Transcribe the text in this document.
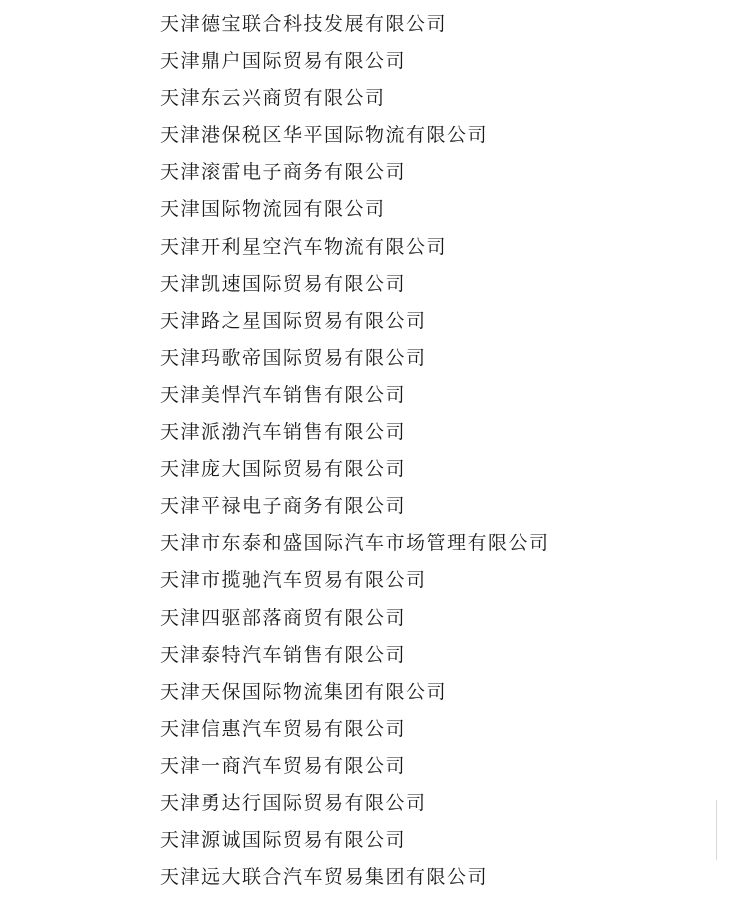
天津德宝联合科技发展有限公司
天津鼎户国际贸易有限公司
天津东云兴商贸有限公司
天津港保税区华平国际物流有限公司
天津滚雷电子商务有限公司
天津国际物流园有限公司
天津开利星空汽车物流有限公司
天津凯速国际贸易有限公司
天津路之星国际贸易有限公司
天津玛歌帝国际贸易有限公司
天津美悍汽车销售有限公司
天津派渤汽车销售有限公司
天津庞大国际贸易有限公司
天津平禄电子商务有限公司
天津市东泰和盛国际汽车市场管理有限公司
天津市揽驰汽车贸易有限公司
天津四驱部落商贸有限公司
天津泰特汽车销售有限公司
天津天保国际物流集团有限公司
天津信惠汽车贸易有限公司
天津一商汽车贸易有限公司
天津勇达行国际贸易有限公司
天津源诚国际贸易有限公司
天津远大联合汽车贸易集团有限公司
